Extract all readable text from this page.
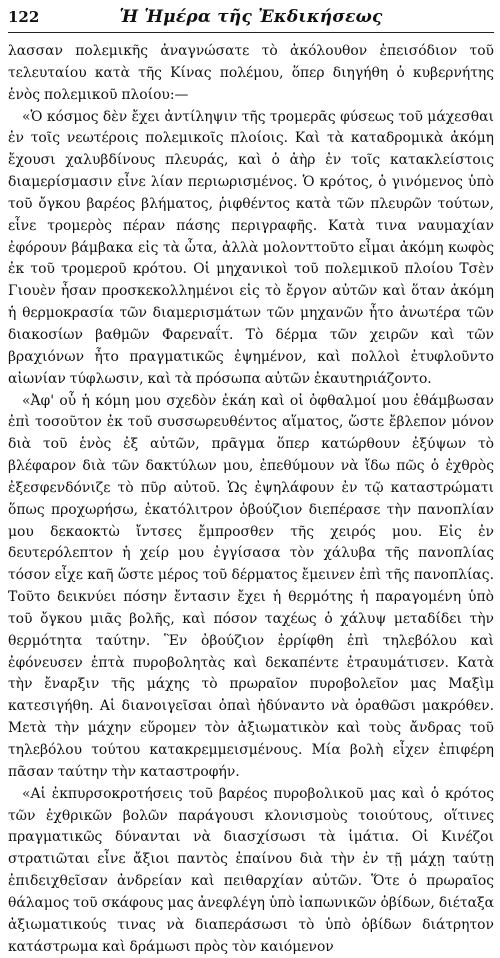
122	Ἡ Ἡμέρα τῆς Ἐκδικήσεως

λασσαν πολεμικῆς ἀναγνώσατε τὸ ἀκόλουθον ἐπεισόδιον τοῦ τελευταίου κατὰ τῆς Κίνας πολέμου, ὅπερ διηγήθη ὁ κυβερνήτης ἑνὸς πολεμικοῦ πλοίου:—

«Ὁ κόσμος δὲν ἔχει ἀντίληψιν τῆς τρομερᾶς φύσεως τοῦ μάχεσθαι ἐν τοῖς νεωτέροις πολεμικοῖς πλοίοις. Καὶ τὰ καταδρομικὰ ἀκόμη ἔχουσι χαλυβδίνους πλευράς, καὶ ὁ ἀὴρ ἐν τοῖς κατακλείστοις διαμερίσμασιν εἶνε λίαν περιωρισμένος. Ὁ κρότος, ὁ γινόμενος ὑπὸ τοῦ ὄγκου βαρέος βλήματος, ῥιφθέντος κατὰ τῶν πλευρῶν τούτων, εἶνε τρομερὸς πέραν πάσης περιγραφῆς. Κατὰ τινα ναυμαχίαν ἐφόρουν βάμβακα εἰς τὰ ὦτα, ἀλλὰ μολονττοῦτο εἶμαι ἀκόμη κωφὸς ἐκ τοῦ τρομεροῦ κρότου. Οἱ μηχανικοὶ τοῦ πολεμικοῦ πλοίου Τσὲν Γιουὲν ἦσαν προσκεκολλημένοι εἰς τὸ ἔργον αὐτῶν καὶ ὅταν ἀκόμη ἡ θερμοκρασία τῶν διαμερισμάτων τῶν μηχανῶν ἦτο ἀνωτέρα τῶν διακοσίων βαθμῶν Φαρεναΐτ. Τὸ δέρμα τῶν χειρῶν καὶ τῶν βραχιόνων ἦτο πραγματικῶς ἐψημένον, καὶ πολλοὶ ἐτυφλοῦντο αἰωνίαν τύφλωσιν, καὶ τὰ πρόσωπα αὐτῶν ἐκαυτηριάζοντο.

«Ἀφ' οὗ ἡ κόμη μου σχεδὸν ἐκάη καὶ οἱ ὀφθαλμοί μου ἐθάμβωσαν ἐπὶ τοσοῦτον ἐκ τοῦ συσσωρευθέντος αἵματος, ὥστε ἔβλεπον μόνον διὰ τοῦ ἑνὸς ἐξ αὐτῶν, πρᾶγμα ὅπερ κατώρθουν ἐξύψων τὸ βλέφαρον διὰ τῶν δακτύλων μου, ἐπεθύμουν νὰ ἴδω πῶς ὁ ἐχθρὸς ἐξεσφενδόνιζε τὸ πῦρ αὐτοῦ. Ὡς ἐψηλάφουν ἐν τῷ καταστρώματι ὅπως προχωρήσω, ἐκατόλιτρον ὀβούζιον διεπέρασε τὴν πανοπλίαν μου δεκαοκτὼ ἴντσες ἔμπροσθεν τῆς χειρός μου. Εἰς ἐν δευτερόλεπτον ἡ χείρ μου ἐγγίσασα τὸν χάλυβα τῆς πανοπλίας τόσον εἶχε καῆ ὥστε μέρος τοῦ δέρματος ἔμεινεν ἐπὶ τῆς πανοπλίας. Τοῦτο δεικνύει πόσην ἔντασιν ἔχει ἡ θερμότης ἡ παραγομένη ὑπὸ τοῦ ὄγκου μιᾶς βολῆς, καὶ πόσον ταχέως ὁ χάλυψ μεταδίδει τὴν θερμότητα ταύτην. Ἓν ὀβούζιον ἐρρίφθη ἐπὶ τηλεβόλου καὶ ἐφόνευσεν ἑπτὰ πυροβολητὰς καὶ δεκαπέντε ἐτραυμάτισεν. Κατὰ τὴν ἔναρξιν τῆς μάχης τὸ πρωραῖον πυροβολεῖον μας Μαξὶμ κατεσιγήθη. Αἱ διανοιγεῖσαι ὀπαὶ ἠδύναντο νὰ ὁραθῶσι μακρόθεν. Μετὰ τὴν μάχην εὕρομεν τὸν ἀξιωματικὸν καὶ τοὺς ἄνδρας τοῦ τηλεβόλου τούτου κατακρεμμεισμένους. Μία βολὴ εἶχεν ἐπιφέρη πᾶσαν ταύτην τὴν καταστροφήν.

«Αἱ ἐκπυρσοκροτήσεις τοῦ βαρέος πυροβολικοῦ μας καὶ ὁ κρότος τῶν ἐχθρικῶν βολῶν παράγουσι κλονισμοὺς τοιούτους, οἵτινες πραγματικῶς δύνανται νὰ διασχίσωσι τὰ ἱμάτια. Οἱ Κινέζοι στρατιῶται εἶνε ἄξιοι παντὸς ἐπαίνου διὰ τὴν ἐν τῇ μάχῃ ταύτῃ ἐπιδειχθεῖσαν ἀνδρείαν καὶ πειθαρχίαν αὐτῶν. Ὅτε ὁ πρωραῖος θάλαμος τοῦ σκάφους μας ἀνεφλέγη ὑπὸ ἰαπωνικῶν ὀβίδων, διέταξα ἀξιωματικούς τινας νὰ διαπεράσωσι τὸ ὑπὸ ὀβίδων διάτρητον κατάστρωμα καὶ δράμωσι πρὸς τὸν καιόμενον
